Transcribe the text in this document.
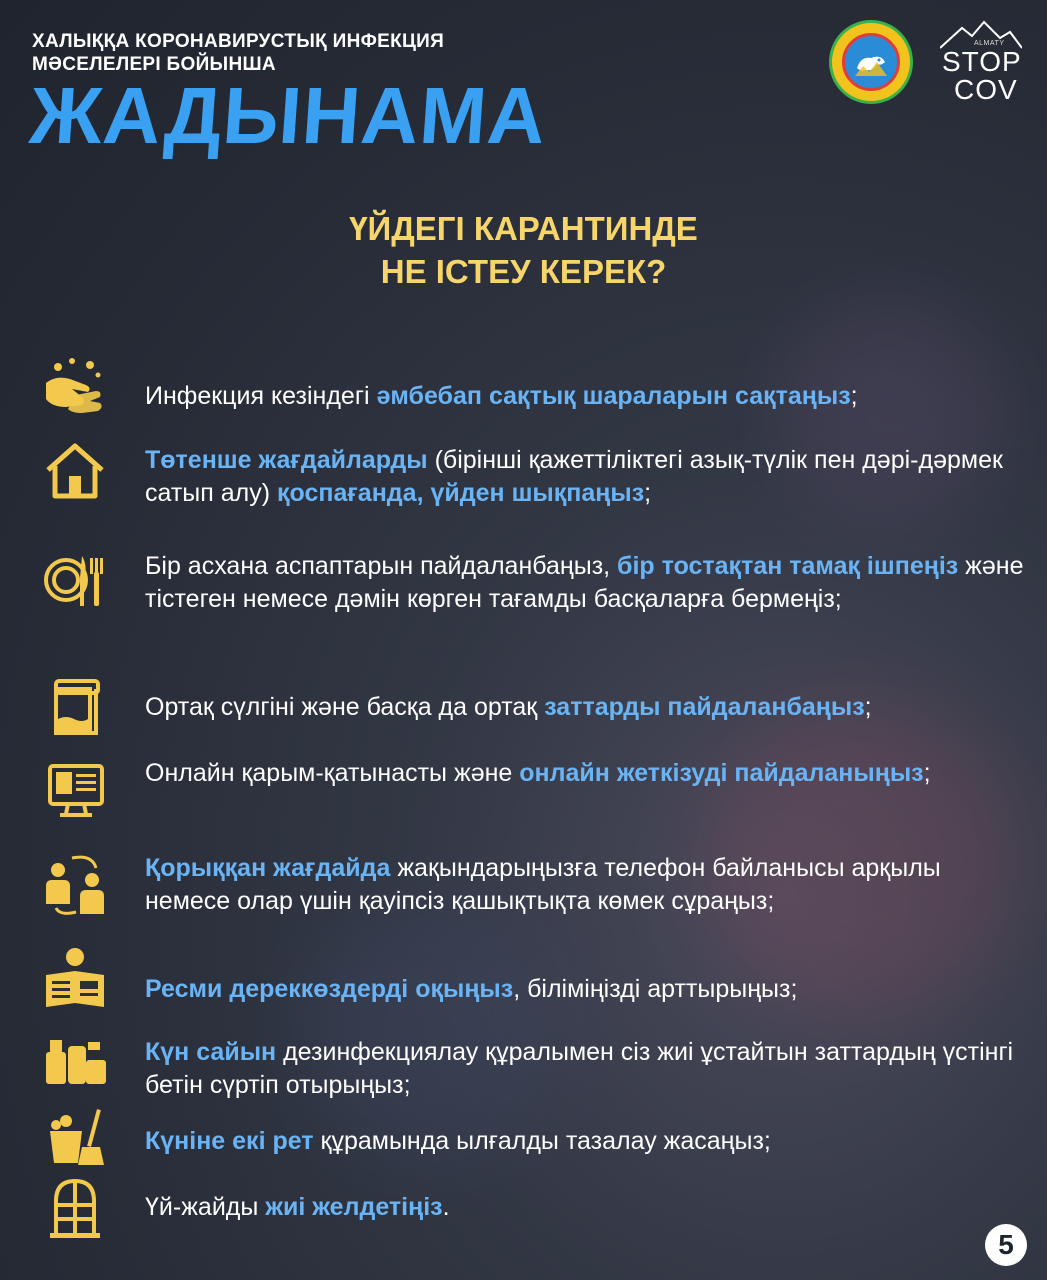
ХАЛЫҚҚА КОРОНАВИРУСТЫҚ ИНФЕКЦИЯ
МӘСЕЛЕЛЕРІ БОЙЫНША
ЖАДЫНАМА
ALMATY
STOP
COV
ҮЙДЕГІ КАРАНТИНДЕ
НЕ ІСТЕУ КЕРЕК?
Инфекция кезіндегі әмбебап сақтық шараларын сақтаңыз;
Төтенше жағдайларды (бірінші қажеттіліктегі азық-түлік пен дәрі-дәрмек сатып алу) қоспағанда, үйден шықпаңыз;
Бір асхана аспаптарын пайдаланбаңыз, бір тостақтан тамақ ішпеңіз және тістеген немесе дәмін көрген тағамды басқаларға бермеңіз;
Ортақ сүлгіні және басқа да ортақ заттарды пайдаланбаңыз;
Онлайн қарым-қатынасты және онлайн жеткізуді пайдаланыңыз;
Қорыққан жағдайда жақындарыңызға телефон байланысы арқылы немесе олар үшін қауіпсіз қашықтықта көмек сұраңыз;
Ресми дереккөздерді оқыңыз, біліміңізді арттырыңыз;
Күн сайын дезинфекциялау құралымен сіз жиі ұстайтын заттардың үстінгі бетін сүртіп отырыңыз;
Күніне екі рет құрамында ылғалды тазалау жасаңыз;
Үй-жайды жиі желдетіңіз.
5
